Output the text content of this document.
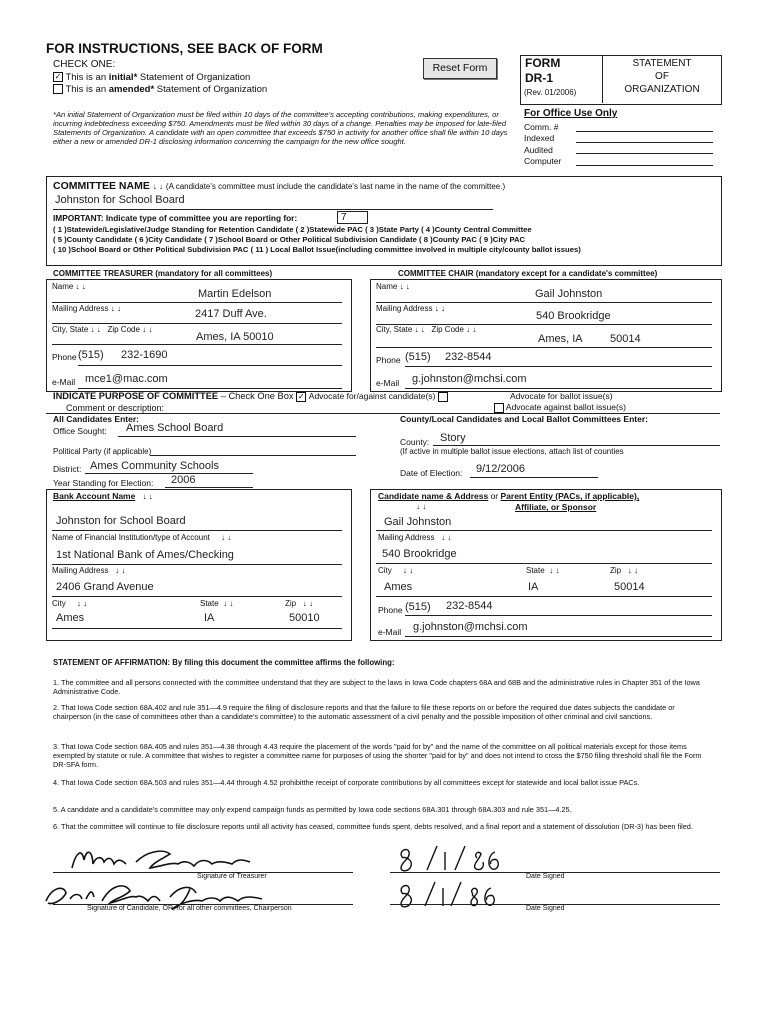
FOR INSTRUCTIONS, SEE BACK OF FORM
CHECK ONE:
✓ This is an initial* Statement of Organization
This is an amended* Statement of Organization
Reset Form	FORM
DR-1
(Rev. 01/2006)
STATEMENT
OF
ORGANIZATION
*An initial Statement of Organization must be filed within 10 days of the committee's accepting contributions, making expenditures, or incurring indebtedness exceeding $750. Amendments must be filed within 30 days of a change. Penalties may be imposed for late-filed Statements of Organization. A candidate with an open committee that exceeds $750 in activity for another office shall file within 10 days either a new or amended DR-1 disclosing information concerning the campaign for the new office sought.
For Office Use Only
Comm. #
Indexed
Audited
Computer
COMMITTEE NAME ↓ ↓ (A candidate's committee must include the candidate's last name in the name of the committee.)
Johnston for School Board
IMPORTANT: Indicate type of committee you are reporting for:	7
( 1 )Statewide/Legislative/Judge Standing for Retention Candidate ( 2 )Statewide PAC ( 3 )State Party ( 4 )County Central Committee
( 5 )County Candidate ( 6 )City Candidate ( 7 )School Board or Other Political Subdivision Candidate ( 8 )County PAC ( 9 )City PAC
( 10 )School Board or Other Political Subdivision PAC ( 11 ) Local Ballot Issue(including committee involved in multiple city/county ballot issues)
COMMITTEE TREASURER (mandatory for all committees)
Name ↓ ↓
Martin Edelson
Mailing Address ↓ ↓	2417 Duff Ave.
City, State ↓ ↓ Zip Code ↓ ↓
Ames, IA 50010
Phone (515) 232-1690
e-Mail mce1@mac.com
COMMITTEE CHAIR (mandatory except for a candidate's committee)
Name ↓ ↓
Gail Johnston
Mailing Address ↓ ↓
540 Brookridge
City, State ↓ ↓ Zip Code ↓ ↓
Ames, IA 50014
Phone (515) 232-8544
e-Mail g.johnston@mchsi.com
INDICATE PURPOSE OF COMMITTEE – Check One Box ✓ Advocate for/against candidate(s)	Advocate for ballot issue(s)
Advocate against ballot issue(s)
Comment or description:
All Candidates Enter:
Office Sought: Ames School Board
Political Party (if applicable)
District: Ames Community Schools
Year Standing for Election: 2006
County/Local Candidates and Local Ballot Committees Enter:
County: Story
(If active in multiple ballot issue elections, attach list of counties
Date of Election: 9/12/2006
Bank Account Name ↓ ↓
Johnston for School Board
Name of Financial Institution/type of Account ↓ ↓
1st National Bank of Ames/Checking
Mailing Address ↓ ↓
2406 Grand Avenue
City ↓ ↓	State ↓ ↓	Zip ↓ ↓
Ames	IA	50010
Candidate name & Address or Parent Entity (PACs, if applicable),
↓ ↓	Affiliate, or Sponsor
Gail Johnston
Mailing Address ↓ ↓
540 Brookridge
City ↓ ↓	State ↓ ↓	Zip ↓ ↓
Ames	IA	50014
Phone (515) 232-8544
e-Mail g.johnston@mchsi.com
STATEMENT OF AFFIRMATION: By filing this document the committee affirms the following:
1. The committee and all persons connected with the committee understand that they are subject to the laws in Iowa Code chapters 68A and 68B and the administrative rules in Chapter 351 of the Iowa Administrative Code.
2. That Iowa Code section 68A.402 and rule 351—4.9 require the filing of disclosure reports and that the failure to file these reports on or before the required due dates subjects the candidate or chairperson (in the case of committees other than a candidate's committee) to the automatic assessment of a civil penalty and the possible imposition of other criminal and civil sanctions.
3. That Iowa Code section 68A.405 and rules 351—4.38 through 4.43 require the placement of the words "paid for by" and the name of the committee on all political materials except for those items exempted by statute or rule. A committee that wishes to register a committee name for purposes of using the shorter "paid for by" and does not intend to cross the $750 filing threshold shall file the Form DR-SFA form.
4. That Iowa Code section 68A.503 and rules 351—4.44 through 4.52 prohibitthe receipt of corporate contributions by all committees except for statewide and local ballot issue PACs.
5. A candidate and a candidate's committee may only expend campaign funds as permitted by Iowa code sections 68A.301 through 68A.303 and rule 351—4.25.
6. That the committee will continue to file disclosure reports until all activity has ceased, committee funds spent, debts resolved, and a final report and a statement of dissolution (DR-3) has been filed.
Signature of Treasurer	Date Signed
Signature of Candidate, OR, for all other committees, Chairperson	Date Signed
